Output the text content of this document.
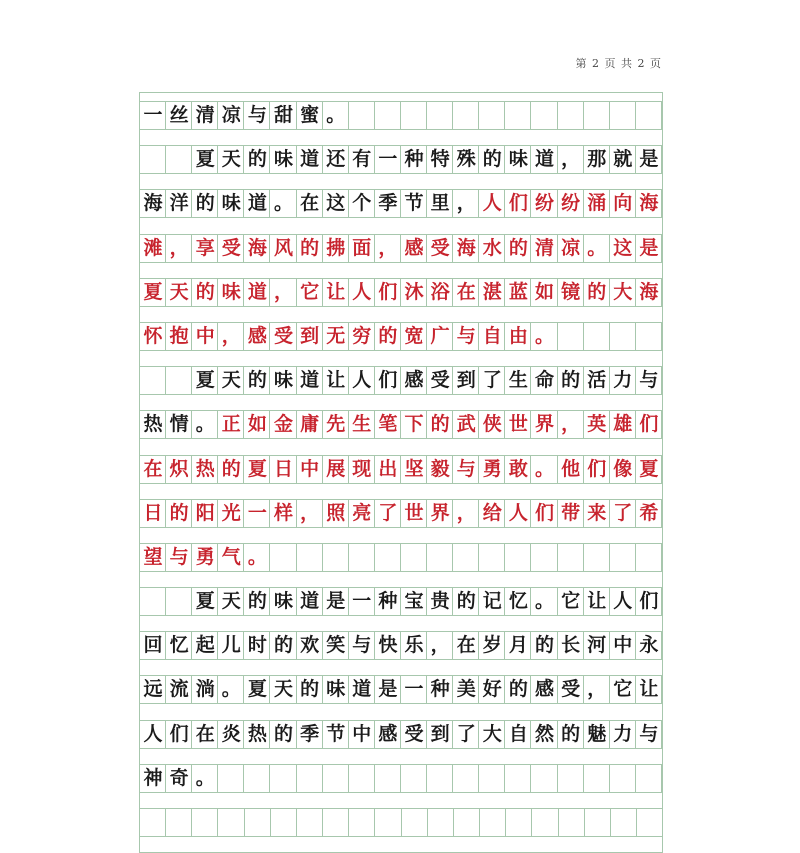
第 2 页 共 2 页
一丝清凉与甜蜜。
　　夏天的味道还有一种特殊的味道，那就是
海洋的味道。在这个季节里， 人们纷纷涌向海
滩，享受海风的拂面，感受海水的清凉。这是
夏天的味道，它让人们沐浴在湛蓝如镜的大海
怀抱中，感受到无穷的宽广与自由。
　　夏天的味道让人们感受到了生命的活力与
热情。 正如金庸先生笔下的武侠世界，英雄们
在炽热的夏日中展现出坚毅与勇敢。他们像夏
日的阳光一样，照亮了世界，给人们带来了希
望与勇气。
　　夏天的味道是一种宝贵的记忆。它让人们
回忆起儿时的欢笑与快乐，在岁月的长河中永
远流淌。夏天的味道是一种美好的感受，它让
人们在炎热的季节中感受到了大自然的魅力与
神奇。
